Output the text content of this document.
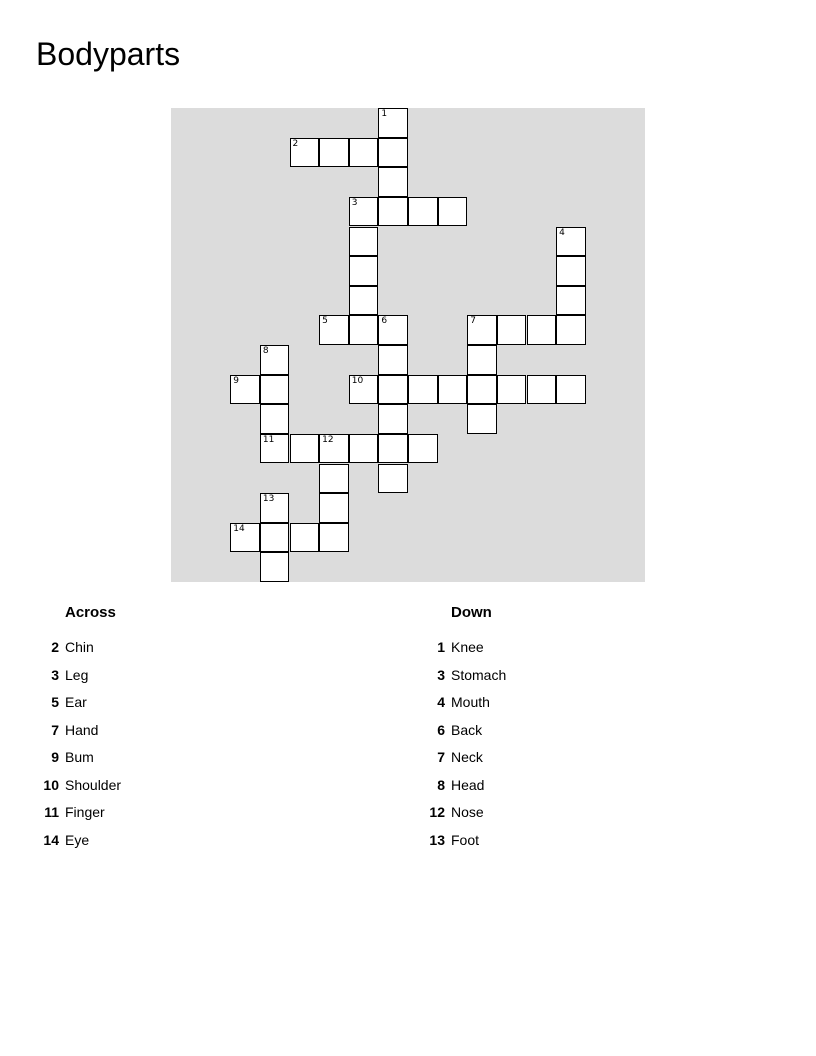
Bodyparts
1
2
3
4
5	6	7
8
9	10
11	12
13
14
Across
2 Chin
3 Leg
5 Ear
7 Hand
9 Bum
10 Shoulder
11 Finger
14 Eye
Down
1 Knee
3 Stomach
4 Mouth
6 Back
7 Neck
8 Head
12 Nose
13 Foot
